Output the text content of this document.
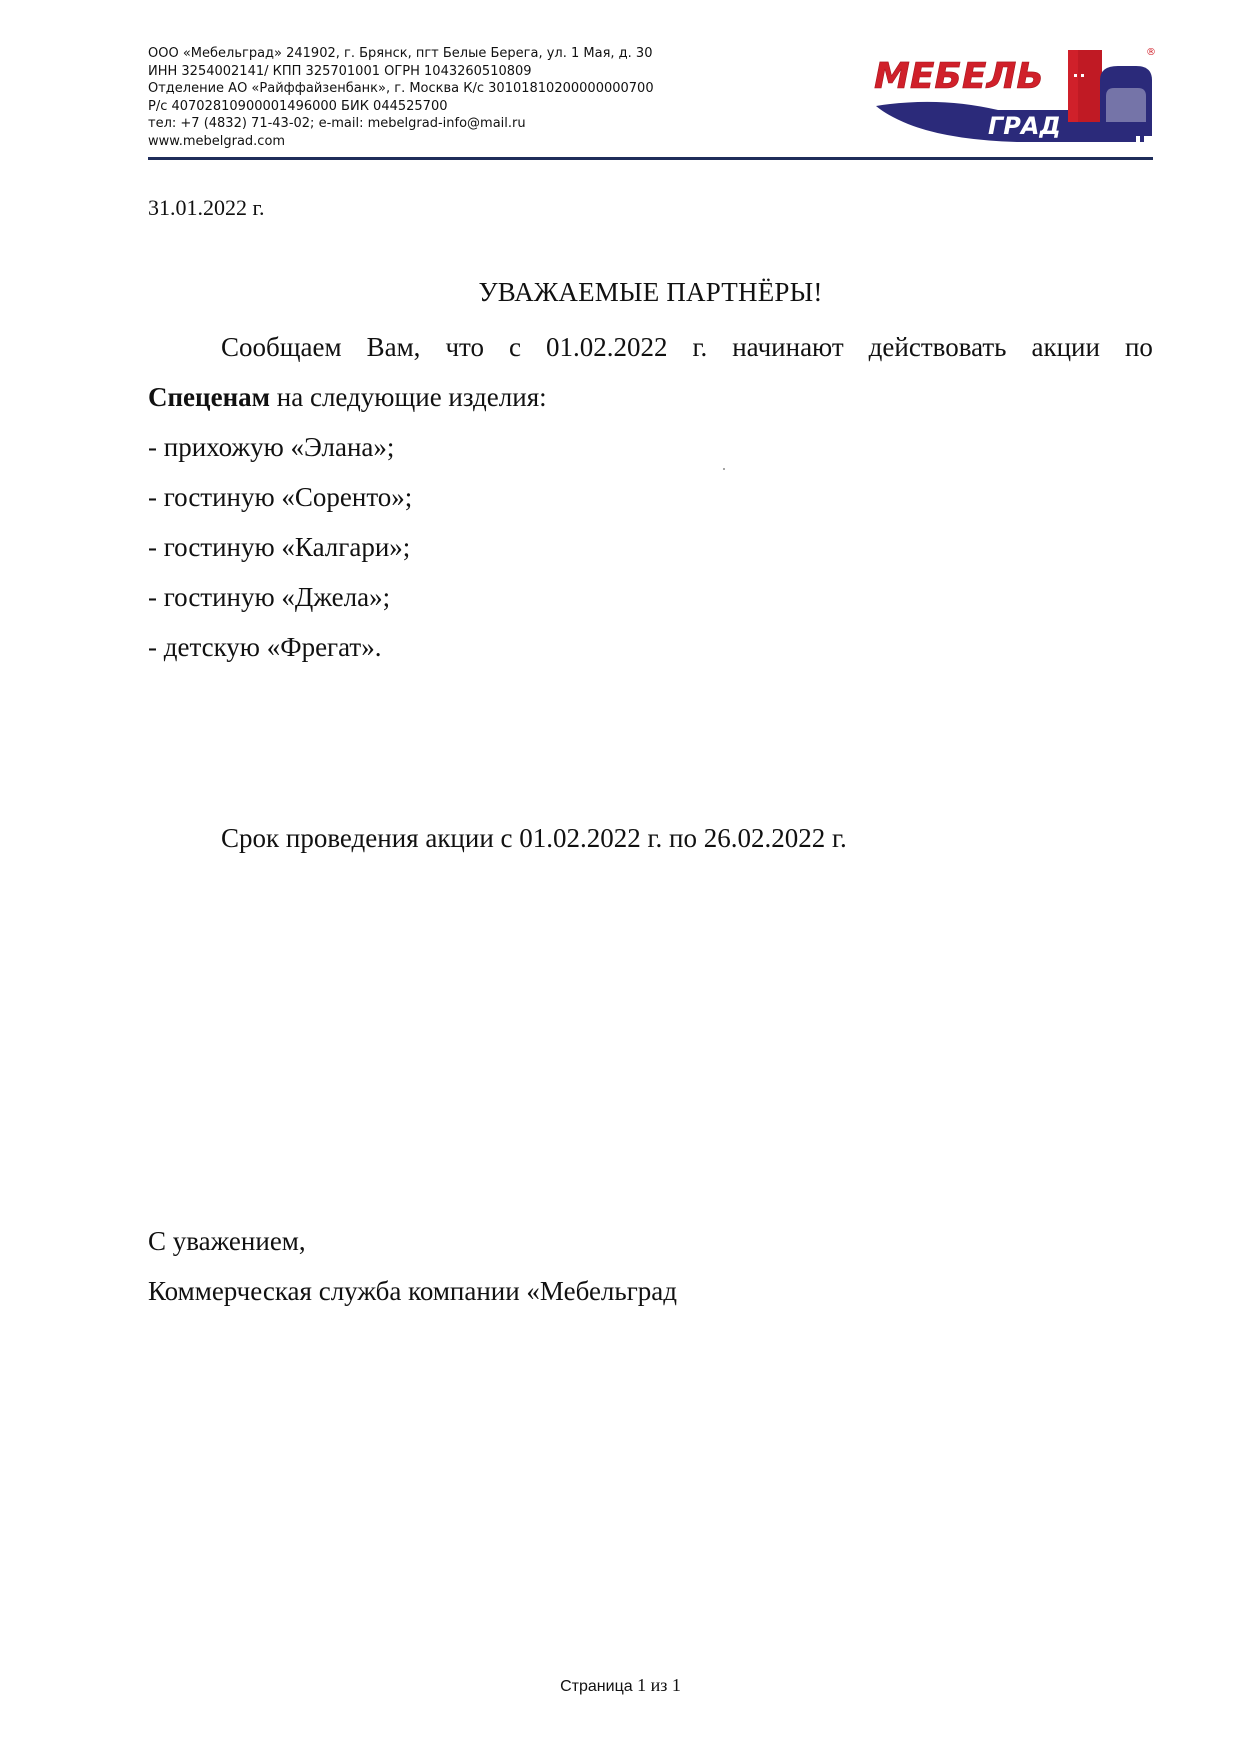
ООО «Мебельград» 241902, г. Брянск, пгт Белые Берега, ул. 1 Мая, д. 30
ИНН 3254002141/ КПП 325701001 ОГРН 1043260510809
Отделение АО «Райффайзенбанк», г. Москва К/с 30101810200000000700
Р/с 40702810900001496000 БИК 044525700
тел: +7 (4832) 71-43-02; e-mail: mebelgrad-info@mail.ru
www.mebelgrad.com
МЕБЕЛЬ
ГРАД
®
31.01.2022 г.
УВАЖАЕМЫЕ ПАРТНЁРЫ!
Сообщаем Вам, что с 01.02.2022 г. начинают действовать акции по
Спеценам на следующие изделия:
- прихожую «Элана»;
- гостиную «Соренто»;
- гостиную «Калгари»;
- гостиную «Джела»;
- детскую «Фрегат».
Срок проведения акции с 01.02.2022 г. по 26.02.2022 г.
С уважением,
Коммерческая служба компании «Мебельград
Страница 1 из 1
